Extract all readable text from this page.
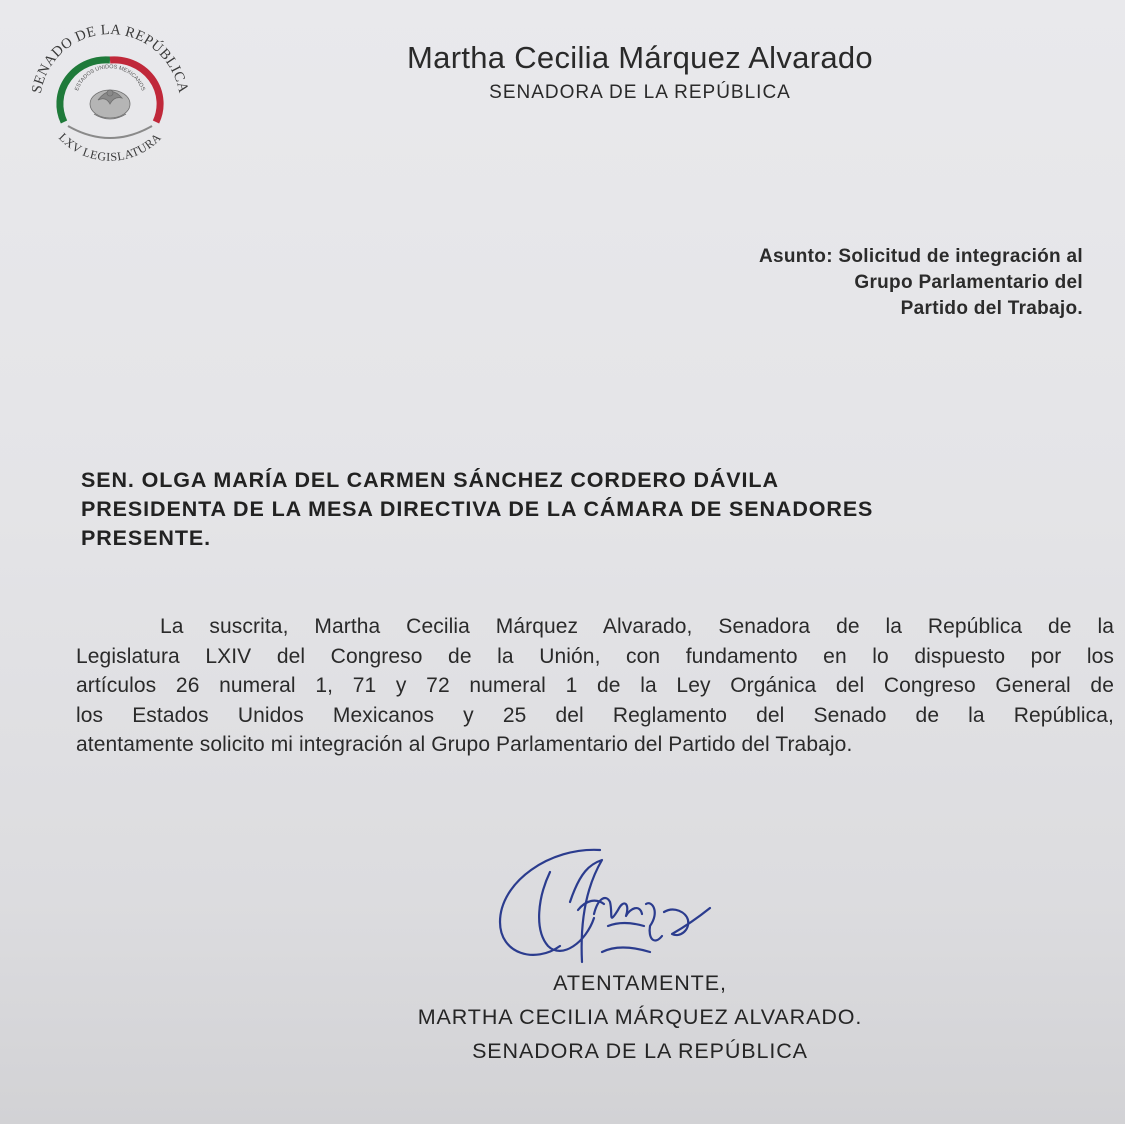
SENADO DE LA REPÚBLICA
LXV LEGISLATURA
ESTADOS UNIDOS MEXICANOS
Martha Cecilia Márquez Alvarado
SENADORA DE LA REPÚBLICA
Asunto: Solicitud de integración al
Grupo Parlamentario del
Partido del Trabajo.
SEN. OLGA MARÍA DEL CARMEN SÁNCHEZ CORDERO DÁVILA
PRESIDENTA DE LA MESA DIRECTIVA DE LA CÁMARA DE SENADORES
PRESENTE.
La suscrita, Martha Cecilia Márquez Alvarado, Senadora de la República de la
Legislatura LXIV del Congreso de la Unión, con fundamento en lo dispuesto por los
artículos 26 numeral 1, 71 y 72 numeral 1 de la Ley Orgánica del Congreso General de
los Estados Unidos Mexicanos y 25 del Reglamento del Senado de la República,
atentamente solicito mi integración al Grupo Parlamentario del Partido del Trabajo.
ATENTAMENTE,
MARTHA CECILIA MÁRQUEZ ALVARADO.
SENADORA DE LA REPÚBLICA
